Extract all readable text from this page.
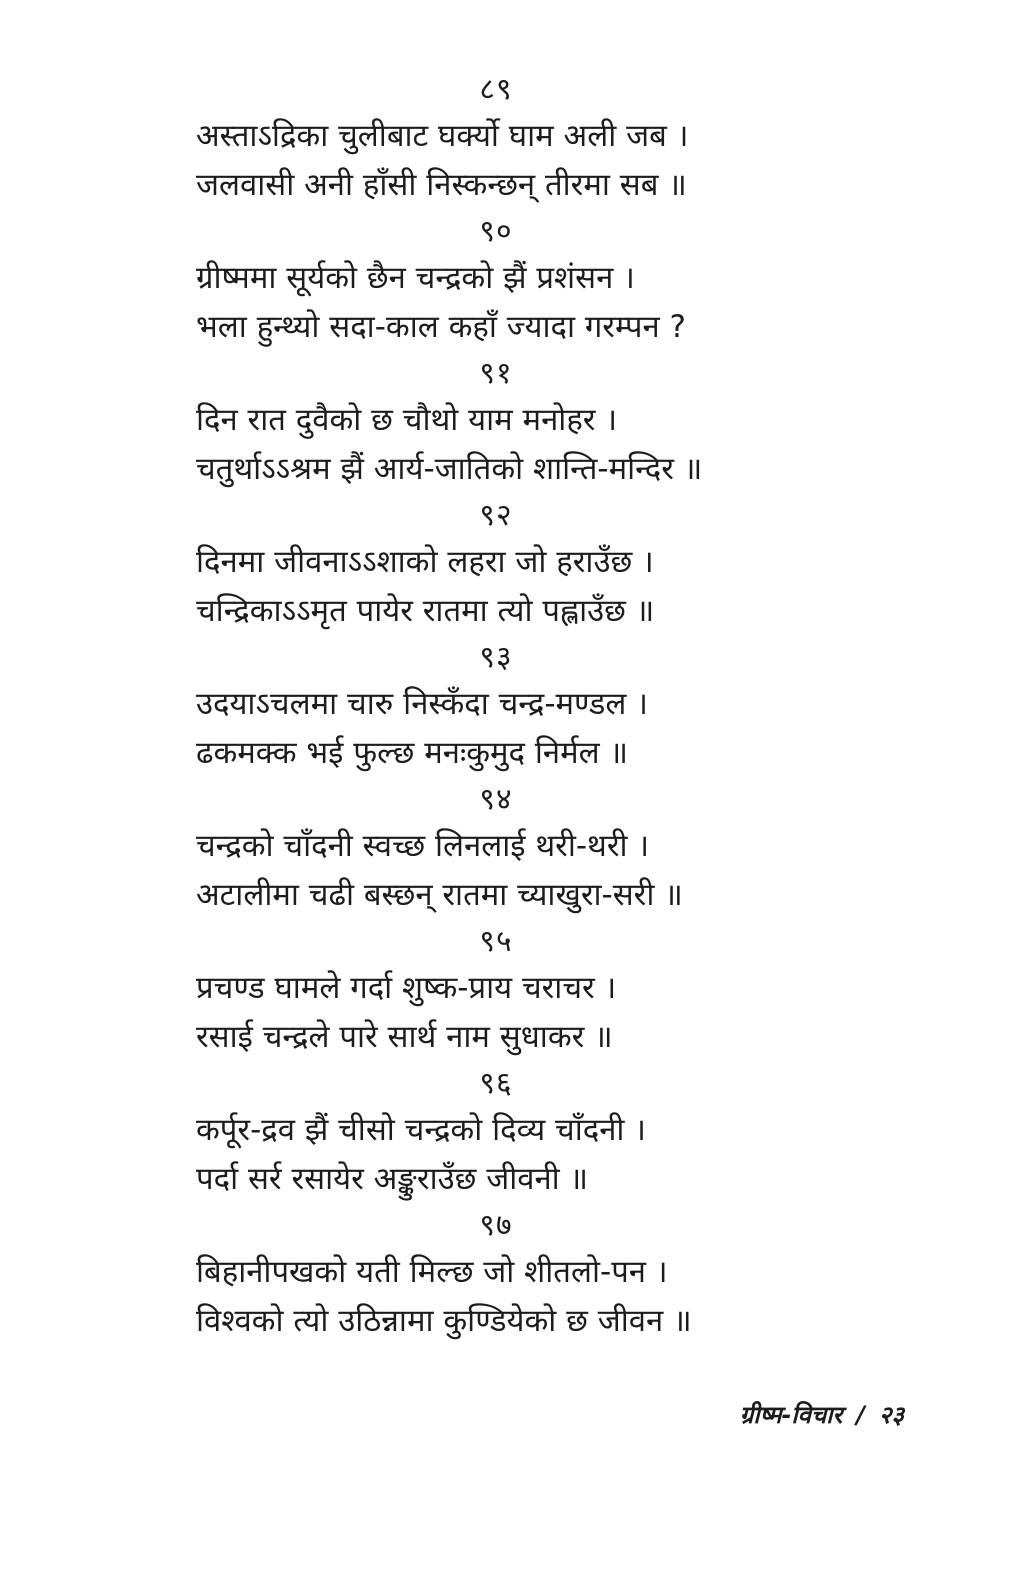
८९
अस्ताऽद्रिका चुलीबाट घर्क्यो घाम अली जब ।
जलवासी अनी हाँसी निस्कन्छन् तीरमा सब ॥
९०
ग्रीष्ममा सूर्यको छैन चन्द्रको झैं प्रशंसन ।
भला हुन्थ्यो सदा-काल कहाँ ज्यादा गरम्पन ?
९१
दिन रात दुवैको छ चौथो याम मनोहर ।
चतुर्थाऽऽश्रम झैं आर्य-जातिको शान्ति-मन्दिर ॥
९२
दिनमा जीवनाऽऽशाको लहरा जो हराउँछ ।
चन्द्रिकाऽऽमृत पायेर रातमा त्यो पह्लाउँछ ॥
९३
उदयाऽचलमा चारु निस्कँदा चन्द्र-मण्डल ।
ढकमक्क भई फुल्छ मनःकुमुद निर्मल ॥
९४
चन्द्रको चाँदनी स्वच्छ लिनलाई थरी-थरी ।
अटालीमा चढी बस्छन् रातमा च्याखुरा-सरी ॥
९५
प्रचण्ड घामले गर्दा शुष्क-प्राय चराचर ।
रसाई चन्द्रले पारे सार्थ नाम सुधाकर ॥
९६
कर्पूर-द्रव झैं चीसो चन्द्रको दिव्य चाँदनी ।
पर्दा सर्र रसायेर अङ्कुराउँछ जीवनी ॥
९७
बिहानीपखको यती मिल्छ जो शीतलो-पन ।
विश्वको त्यो उठिन्नामा कुण्डियेको छ जीवन ॥
ग्रीष्म-विचार / २३
